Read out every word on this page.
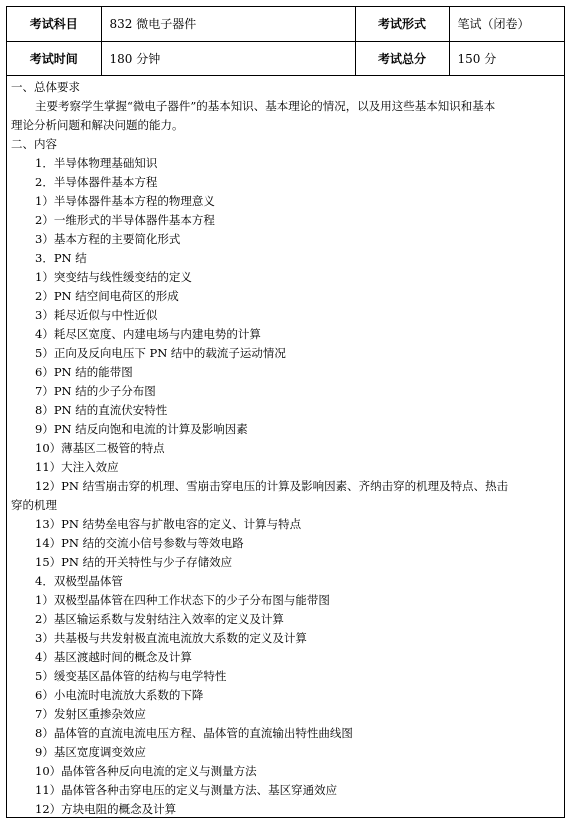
考试科目	832 微电子器件	考试形式	笔试（闭卷）
考试时间	180 分钟	考试总分	150 分
一、总体要求
主要考察学生掌握“微电子器件”的基本知识、基本理论的情况，以及用这些基本知识和基本
理论分析问题和解决问题的能力。
二、内容
1．半导体物理基础知识
2．半导体器件基本方程
1）半导体器件基本方程的物理意义
2）一维形式的半导体器件基本方程
3）基本方程的主要简化形式
3．PN 结
1）突变结与线性缓变结的定义
2）PN 结空间电荷区的形成
3）耗尽近似与中性近似
4）耗尽区宽度、内建电场与内建电势的计算
5）正向及反向电压下 PN 结中的载流子运动情况
6）PN 结的能带图
7）PN 结的少子分布图
8）PN 结的直流伏安特性
9）PN 结反向饱和电流的计算及影响因素
10）薄基区二极管的特点
11）大注入效应
12）PN 结雪崩击穿的机理、雪崩击穿电压的计算及影响因素、齐纳击穿的机理及特点、热击
穿的机理
13）PN 结势垒电容与扩散电容的定义、计算与特点
14）PN 结的交流小信号参数与等效电路
15）PN 结的开关特性与少子存储效应
4．双极型晶体管
1）双极型晶体管在四种工作状态下的少子分布图与能带图
2）基区输运系数与发射结注入效率的定义及计算
3）共基极与共发射极直流电流放大系数的定义及计算
4）基区渡越时间的概念及计算
5）缓变基区晶体管的结构与电学特性
6）小电流时电流放大系数的下降
7）发射区重掺杂效应
8）晶体管的直流电流电压方程、晶体管的直流输出特性曲线图
9）基区宽度调变效应
10）晶体管各种反向电流的定义与测量方法
11）晶体管各种击穿电压的定义与测量方法、基区穿通效应
12）方块电阻的概念及计算
